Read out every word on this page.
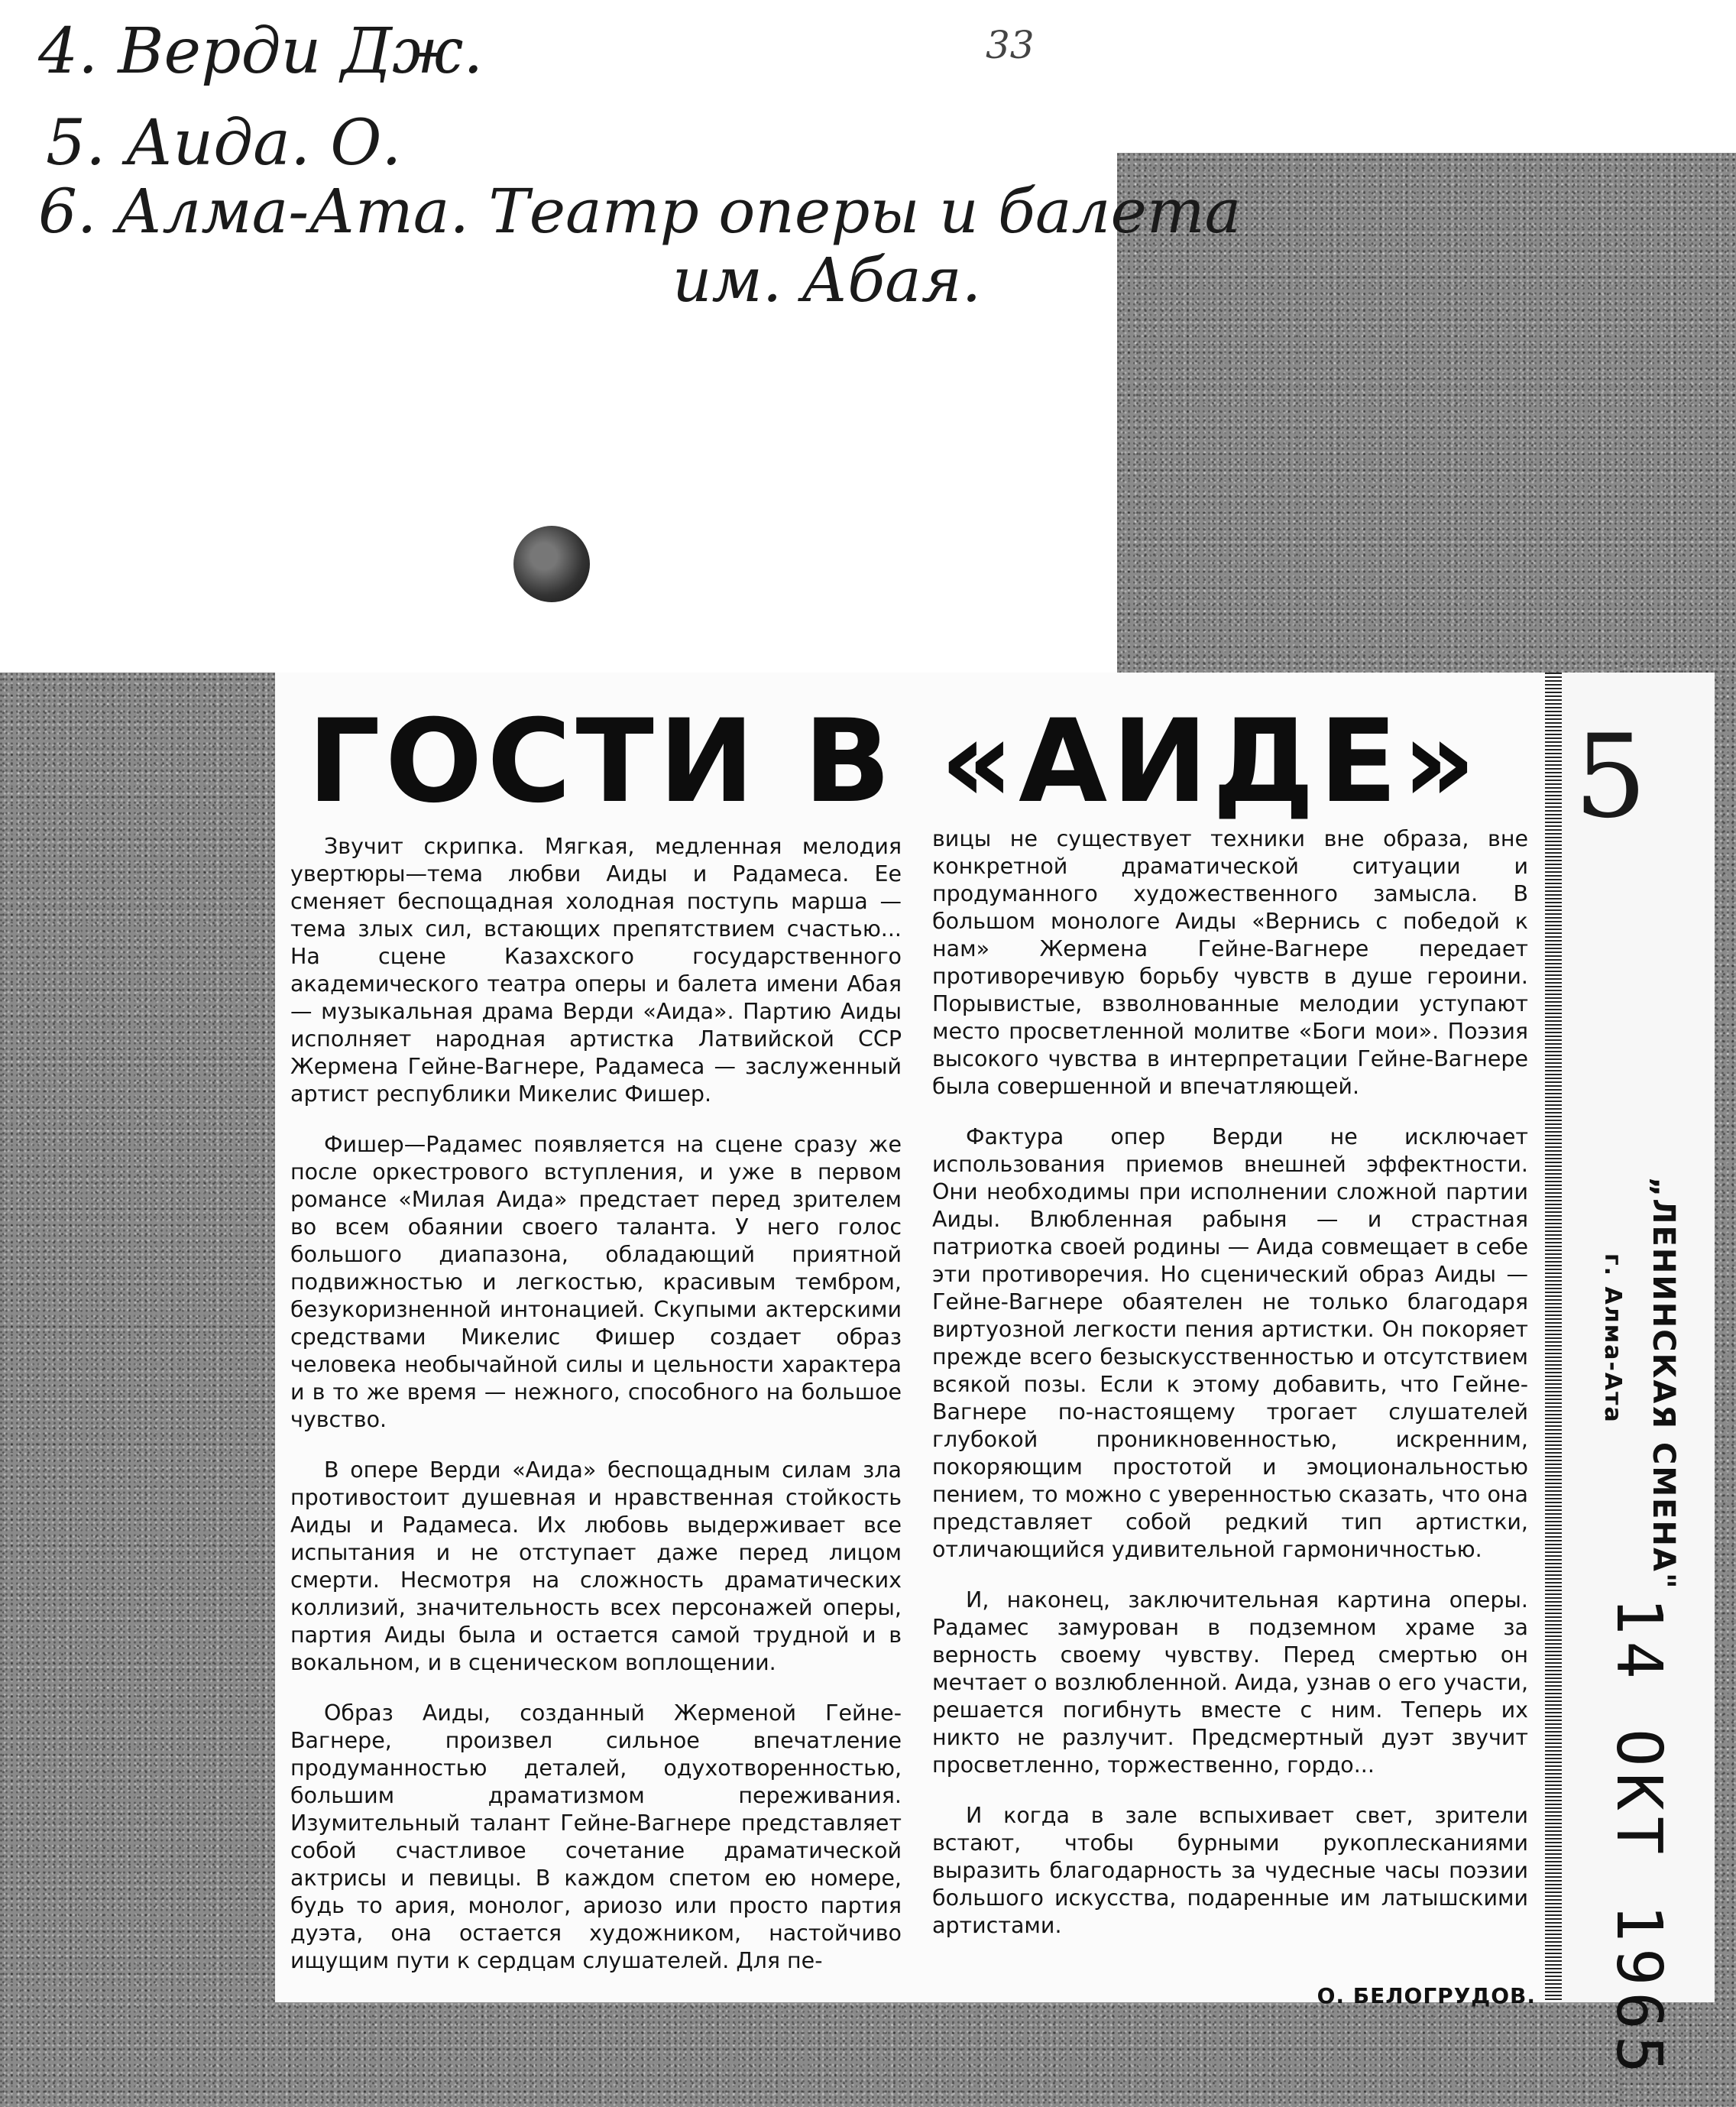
4. Верди Дж.
5. Аида. О.
6. Алма-Ата. Театр оперы и балета
им. Абая.
33
ГОСТИ В «АИДЕ»

Звучит скрипка. Мягкая, медленная мелодия увертюры—тема любви Аиды и Радамеса. Ее сменяет беспощадная холодная поступь марша — тема злых сил, встающих препятствием счастью... На сцене Казахского государственного академического театра оперы и балета имени Абая — музыкальная драма Верди «Аида». Партию Аиды исполняет народная артистка Латвийской ССР Жермена Гейне-Вагнере, Радамеса — заслуженный артист республики Микелис Фишер.

Фишер—Радамес появляется на сцене сразу же после оркестрового вступления, и уже в первом романсе «Милая Аида» предстает перед зрителем во всем обаянии своего таланта. У него голос большого диапазона, обладающий приятной подвижностью и легкостью, красивым тембром, безукоризненной интонацией. Скупыми актерскими средствами Микелис Фишер создает образ человека необычайной силы и цельности характера и в то же время — нежного, способного на большое чувство.

В опере Верди «Аида» беспощадным силам зла противостоит душевная и нравственная стойкость Аиды и Радамеса. Их любовь выдерживает все испытания и не отступает даже перед лицом смерти. Несмотря на сложность драматических коллизий, значительность всех персонажей оперы, партия Аиды была и остается самой трудной и в вокальном, и в сценическом воплощении.

Образ Аиды, созданный Жерменой Гейне-Вагнере, произвел сильное впечатление продуманностью деталей, одухотворенностью, большим драматизмом переживания. Изумительный талант Гейне-Вагнере представляет собой счастливое сочетание драматической актрисы и певицы. В каждом спетом ею номере, будь то ария, монолог, ариозо или просто партия дуэта, она остается художником, настойчиво ищущим пути к сердцам слушателей. Для пе-

вицы не существует техники вне образа, вне конкретной драматической ситуации и продуманного художественного замысла. В большом монологе Аиды «Вернись с победой к нам» Жермена Гейне-Вагнере передает противоречивую борьбу чувств в душе героини. Порывистые, взволнованные мелодии уступают место просветленной молитве «Боги мои». Поэзия высокого чувства в интерпретации Гейне-Вагнере была совершенной и впечатляющей.

Фактура опер Верди не исключает использования приемов внешней эффектности. Они необходимы при исполнении сложной партии Аиды. Влюбленная рабыня — и страстная патриотка своей родины — Аида совмещает в себе эти противоречия. Но сценический образ Аиды — Гейне-Вагнере обаятелен не только благодаря виртуозной легкости пения артистки. Он покоряет прежде всего безыскусственностью и отсутствием всякой позы. Если к этому добавить, что Гейне-Вагнере по-настоящему трогает слушателей глубокой проникновенностью, искренним, покоряющим простотой и эмоциональностью пением, то можно с уверенностью сказать, что она представляет собой редкий тип артистки, отличающийся удивительной гармоничностью.

И, наконец, заключительная картина оперы. Радамес замурован в подземном храме за верность своему чувству. Перед смертью он мечтает о возлюбленной. Аида, узнав о его участи, решается погибнуть вместе с ним. Теперь их никто не разлучит. Предсмертный дуэт звучит просветленно, торжественно, гордо...

И когда в зале вспыхивает свет, зрители встают, чтобы бурными рукоплесканиями выразить благодарность за чудесные часы поэзии большого искусства, подаренные им латышскими артистами.

О. БЕЛОГРУДОВ.
5
„ЛЕНИНСКАЯ СМЕНА"
г. Алма-Ата
14 ОКТ 1965
